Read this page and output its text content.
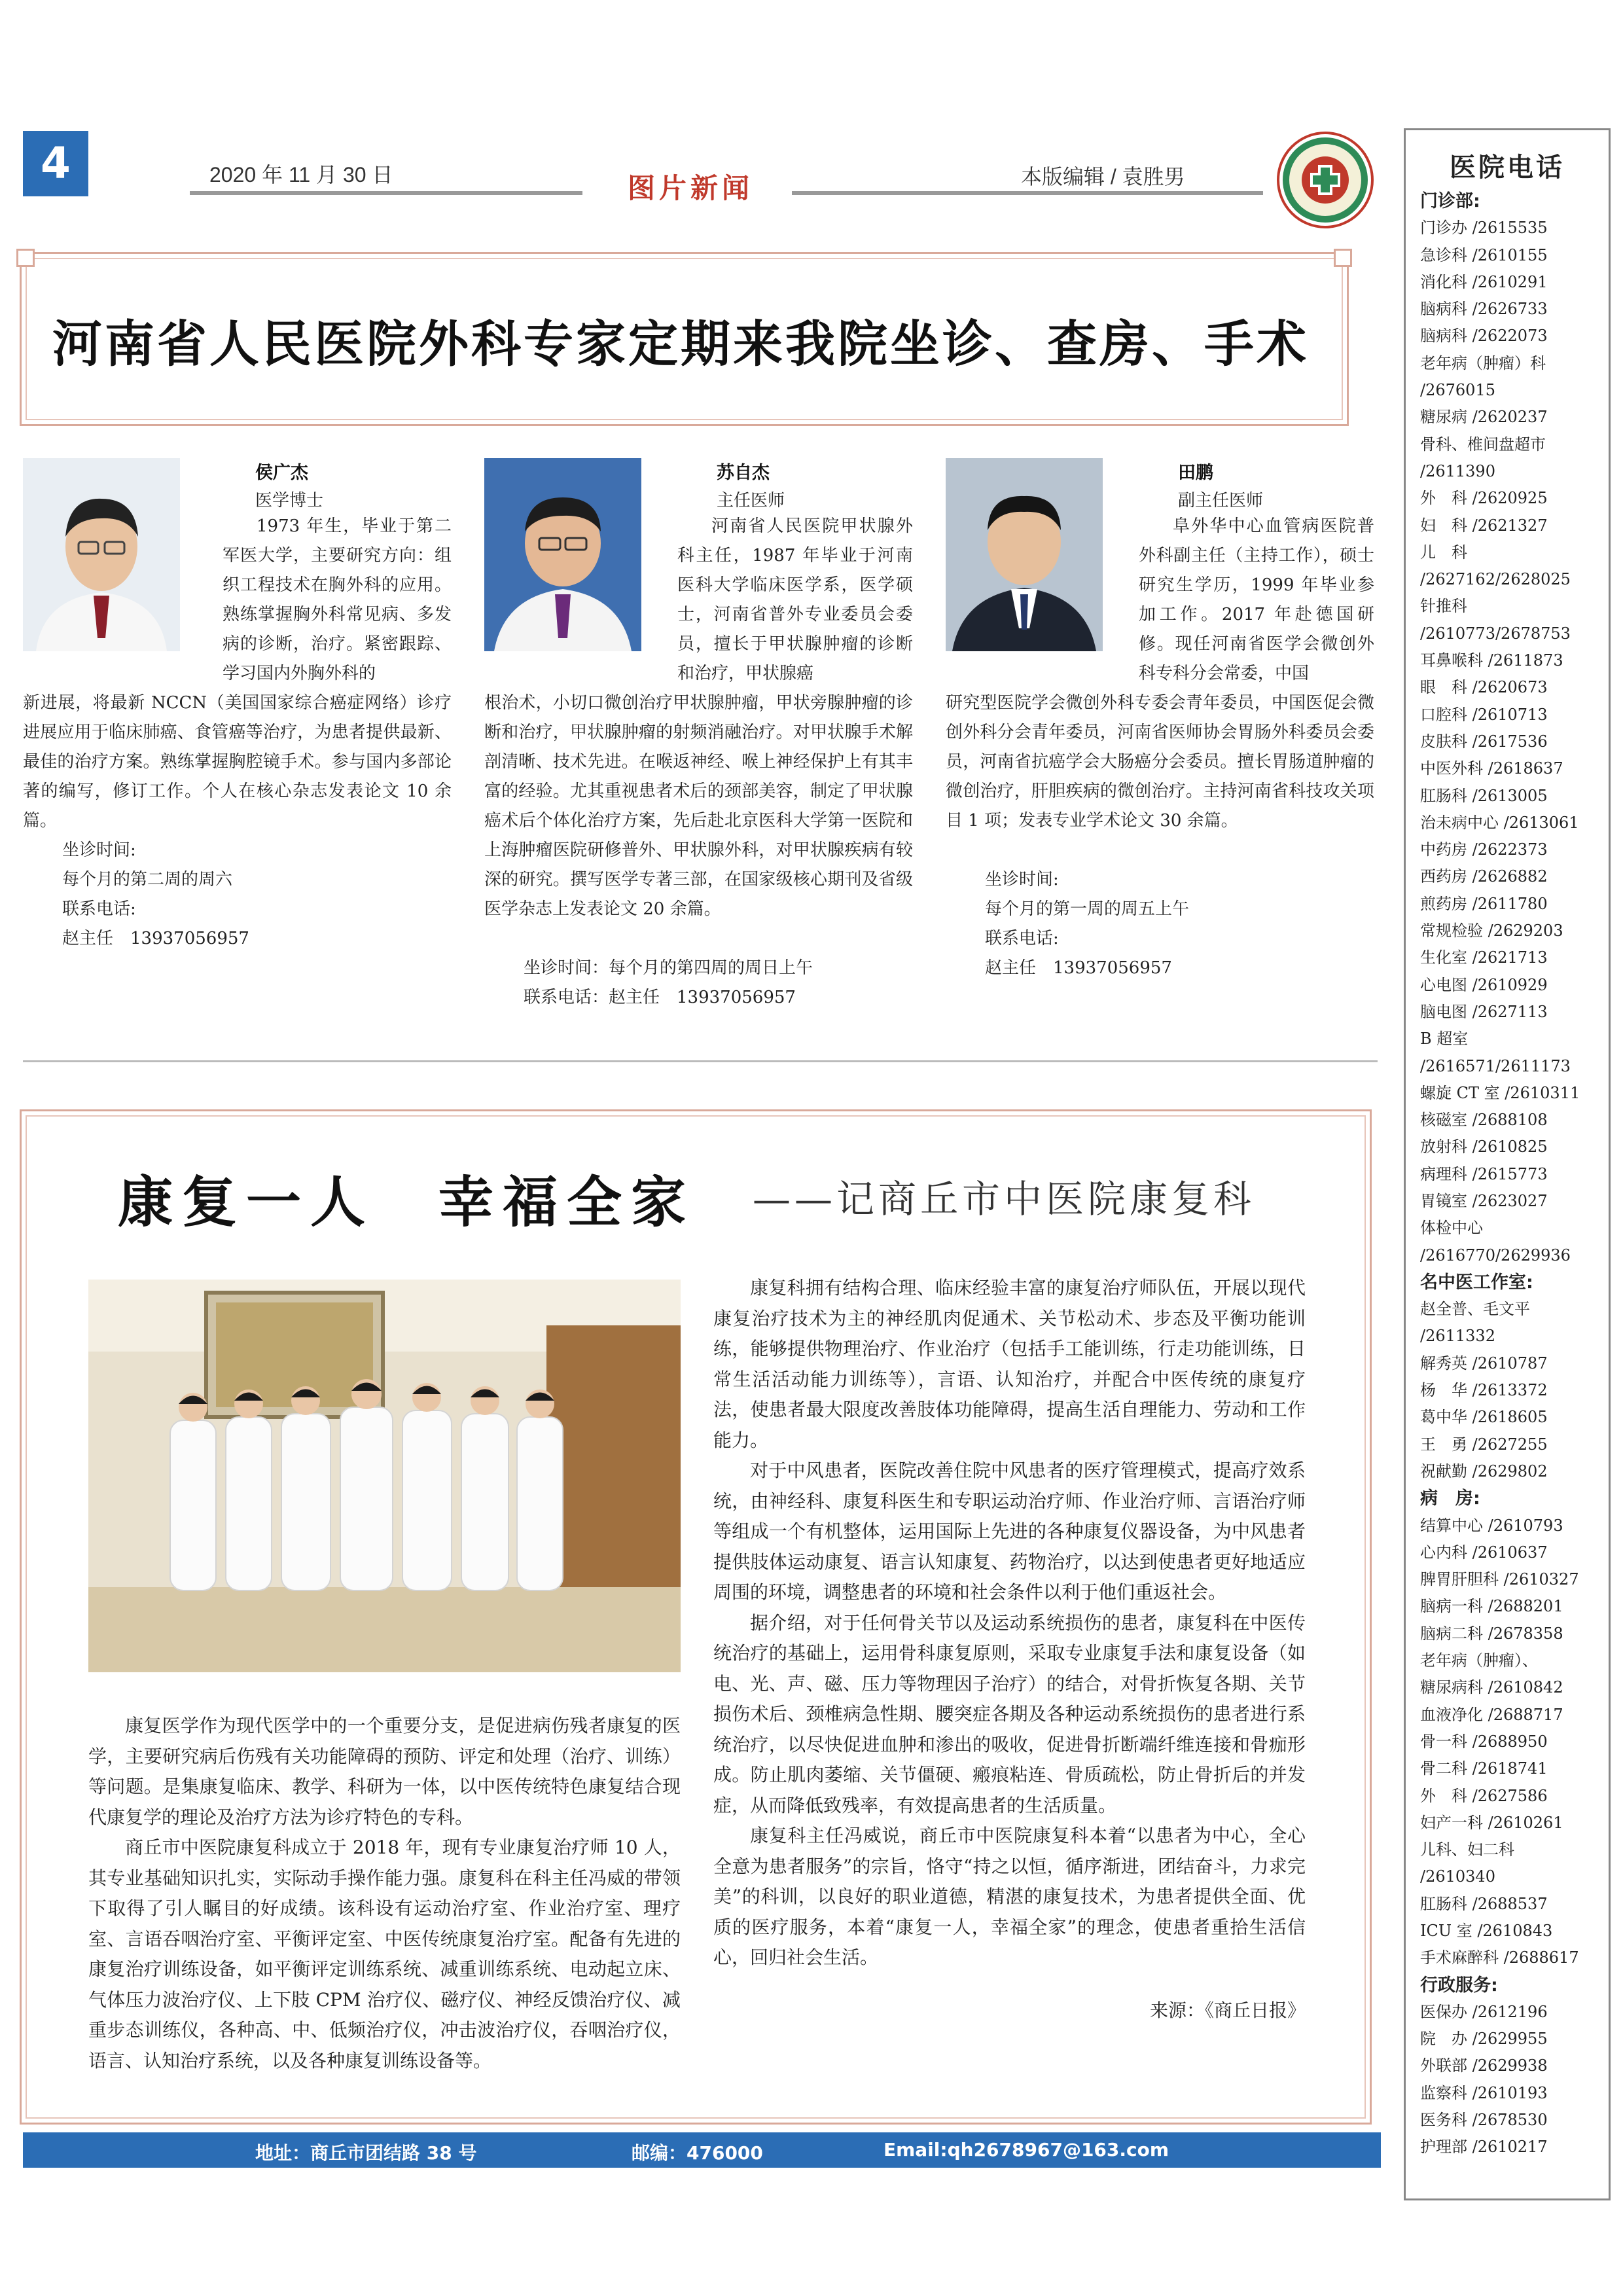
4	2020 年 11 月 30 日	图片新闻	本版编辑 / 袁胜男
河南省人民医院外科专家定期来我院坐诊、查房、手术
侯广杰
医学博士
1973 年生，毕业于第二军医大学，主要研究方向：组织工程技术在胸外科的应用。熟练掌握胸外科常见病、多发病的诊断，治疗。紧密跟踪、学习国内外胸外科的
新进展，将最新 NCCN（美国国家综合癌症网络）诊疗进展应用于临床肺癌、食管癌等治疗，为患者提供最新、最佳的治疗方案。熟练掌握胸腔镜手术。参与国内多部论著的编写，修订工作。个人在核心杂志发表论文 10 余篇。
坐诊时间:
每个月的第二周的周六
联系电话:
赵主任　13937056957
苏自杰
主任医师
河南省人民医院甲状腺外科主任，1987 年毕业于河南医科大学临床医学系，医学硕士，河南省普外专业委员会委员，擅长于甲状腺肿瘤的诊断和治疗，甲状腺癌
根治术，小切口微创治疗甲状腺肿瘤，甲状旁腺肿瘤的诊断和治疗，甲状腺肿瘤的射频消融治疗。对甲状腺手术解剖清晰、技术先进。在喉返神经、喉上神经保护上有其丰富的经验。尤其重视患者术后的颈部美容，制定了甲状腺癌术后个体化治疗方案，先后赴北京医科大学第一医院和上海肿瘤医院研修普外、甲状腺外科，对甲状腺疾病有较深的研究。撰写医学专著三部，在国家级核心期刊及省级医学杂志上发表论文 20 余篇。
坐诊时间：每个月的第四周的周日上午
联系电话：赵主任　13937056957
田鹏
副主任医师
阜外华中心血管病医院普外科副主任（主持工作），硕士研究生学历，1999 年毕业参加工作。2017 年赴德国研修。现任河南省医学会微创外科专科分会常委，中国
研究型医院学会微创外科专委会青年委员，中国医促会微创外科分会青年委员，河南省医师协会胃肠外科委员会委员，河南省抗癌学会大肠癌分会委员。擅长胃肠道肿瘤的微创治疗，肝胆疾病的微创治疗。主持河南省科技攻关项目 1 项；发表专业学术论文 30 余篇。
坐诊时间:
每个月的第一周的周五上午
联系电话:
赵主任　13937056957
康复一人　幸福全家 ——记商丘市中医院康复科

康复医学作为现代医学中的一个重要分支，是促进病伤残者康复的医学，主要研究病后伤残有关功能障碍的预防、评定和处理（治疗、训练）等问题。是集康复临床、教学、科研为一体，以中医传统特色康复结合现代康复学的理论及治疗方法为诊疗特色的专科。

商丘市中医院康复科成立于 2018 年，现有专业康复治疗师 10 人，其专业基础知识扎实，实际动手操作能力强。康复科在科主任冯威的带领下取得了引人瞩目的好成绩。该科设有运动治疗室、作业治疗室、理疗室、言语吞咽治疗室、平衡评定室、中医传统康复治疗室。配备有先进的康复治疗训练设备，如平衡评定训练系统、减重训练系统、电动起立床、气体压力波治疗仪、上下肢 CPM 治疗仪、磁疗仪、神经反馈治疗仪、减重步态训练仪，各种高、中、低频治疗仪，冲击波治疗仪，吞咽治疗仪，语言、认知治疗系统，以及各种康复训练设备等。

康复科拥有结构合理、临床经验丰富的康复治疗师队伍，开展以现代康复治疗技术为主的神经肌肉促通术、关节松动术、步态及平衡功能训练，能够提供物理治疗、作业治疗（包括手工能训练，行走功能训练，日常生活活动能力训练等），言语、认知治疗，并配合中医传统的康复疗法，使患者最大限度改善肢体功能障碍，提高生活自理能力、劳动和工作能力。

对于中风患者，医院改善住院中风患者的医疗管理模式，提高疗效系统，由神经科、康复科医生和专职运动治疗师、作业治疗师、言语治疗师等组成一个有机整体，运用国际上先进的各种康复仪器设备，为中风患者提供肢体运动康复、语言认知康复、药物治疗，以达到使患者更好地适应周围的环境，调整患者的环境和社会条件以利于他们重返社会。

据介绍，对于任何骨关节以及运动系统损伤的患者，康复科在中医传统治疗的基础上，运用骨科康复原则，采取专业康复手法和康复设备（如电、光、声、磁、压力等物理因子治疗）的结合，对骨折恢复各期、关节损伤术后、颈椎病急性期、腰突症各期及各种运动系统损伤的患者进行系统治疗，以尽快促进血肿和渗出的吸收，促进骨折断端纤维连接和骨痂形成。防止肌肉萎缩、关节僵硬、瘢痕粘连、骨质疏松，防止骨折后的并发症，从而降低致残率，有效提高患者的生活质量。

康复科主任冯威说，商丘市中医院康复科本着“以患者为中心，全心全意为患者服务”的宗旨，恪守“持之以恒，循序渐进，团结奋斗，力求完美”的科训，以良好的职业道德，精湛的康复技术，为患者提供全面、优质的医疗服务，本着“康复一人，幸福全家”的理念，使患者重拾生活信心，回归社会生活。

来源：《商丘日报》
地址：商丘市团结路 38 号	邮编：476000	Email:qh2678967@163.com
医院电话
门诊部:
门诊办 /2615535
急诊科 /2610155
消化科 /2610291
脑病科 /2626733
脑病科 /2622073
老年病（肿瘤）科
/2676015
糖尿病 /2620237
骨科、椎间盘超市
/2611390
外　科 /2620925
妇　科 /2621327
儿　科
/2627162/2628025
针推科
/2610773/2678753
耳鼻喉科 /2611873
眼　科 /2620673
口腔科 /2610713
皮肤科 /2617536
中医外科 /2618637
肛肠科 /2613005
治未病中心 /2613061
中药房 /2622373
西药房 /2626882
煎药房 /2611780
常规检验 /2629203
生化室 /2621713
心电图 /2610929
脑电图 /2627113
B 超室
/2616571/2611173
螺旋 CT 室 /2610311
核磁室 /2688108
放射科 /2610825
病理科 /2615773
胃镜室 /2623027
体检中心
/2616770/2629936
名中医工作室:
赵全普、毛文平
/2611332
解秀英 /2610787
杨　华 /2613372
葛中华 /2618605
王　勇 /2627255
祝献勤 /2629802
病　房:
结算中心 /2610793
心内科 /2610637
脾胃肝胆科 /2610327
脑病一科 /2688201
脑病二科 /2678358
老年病（肿瘤）、
糖尿病科 /2610842
血液净化 /2688717
骨一科 /2688950
骨二科 /2618741
外　科 /2627586
妇产一科 /2610261
儿科、妇二科
/2610340
肛肠科 /2688537
ICU 室 /2610843
手术麻醉科 /2688617
行政服务:
医保办 /2612196
院　办 /2629955
外联部 /2629938
监察科 /2610193
医务科 /2678530
护理部 /2610217
